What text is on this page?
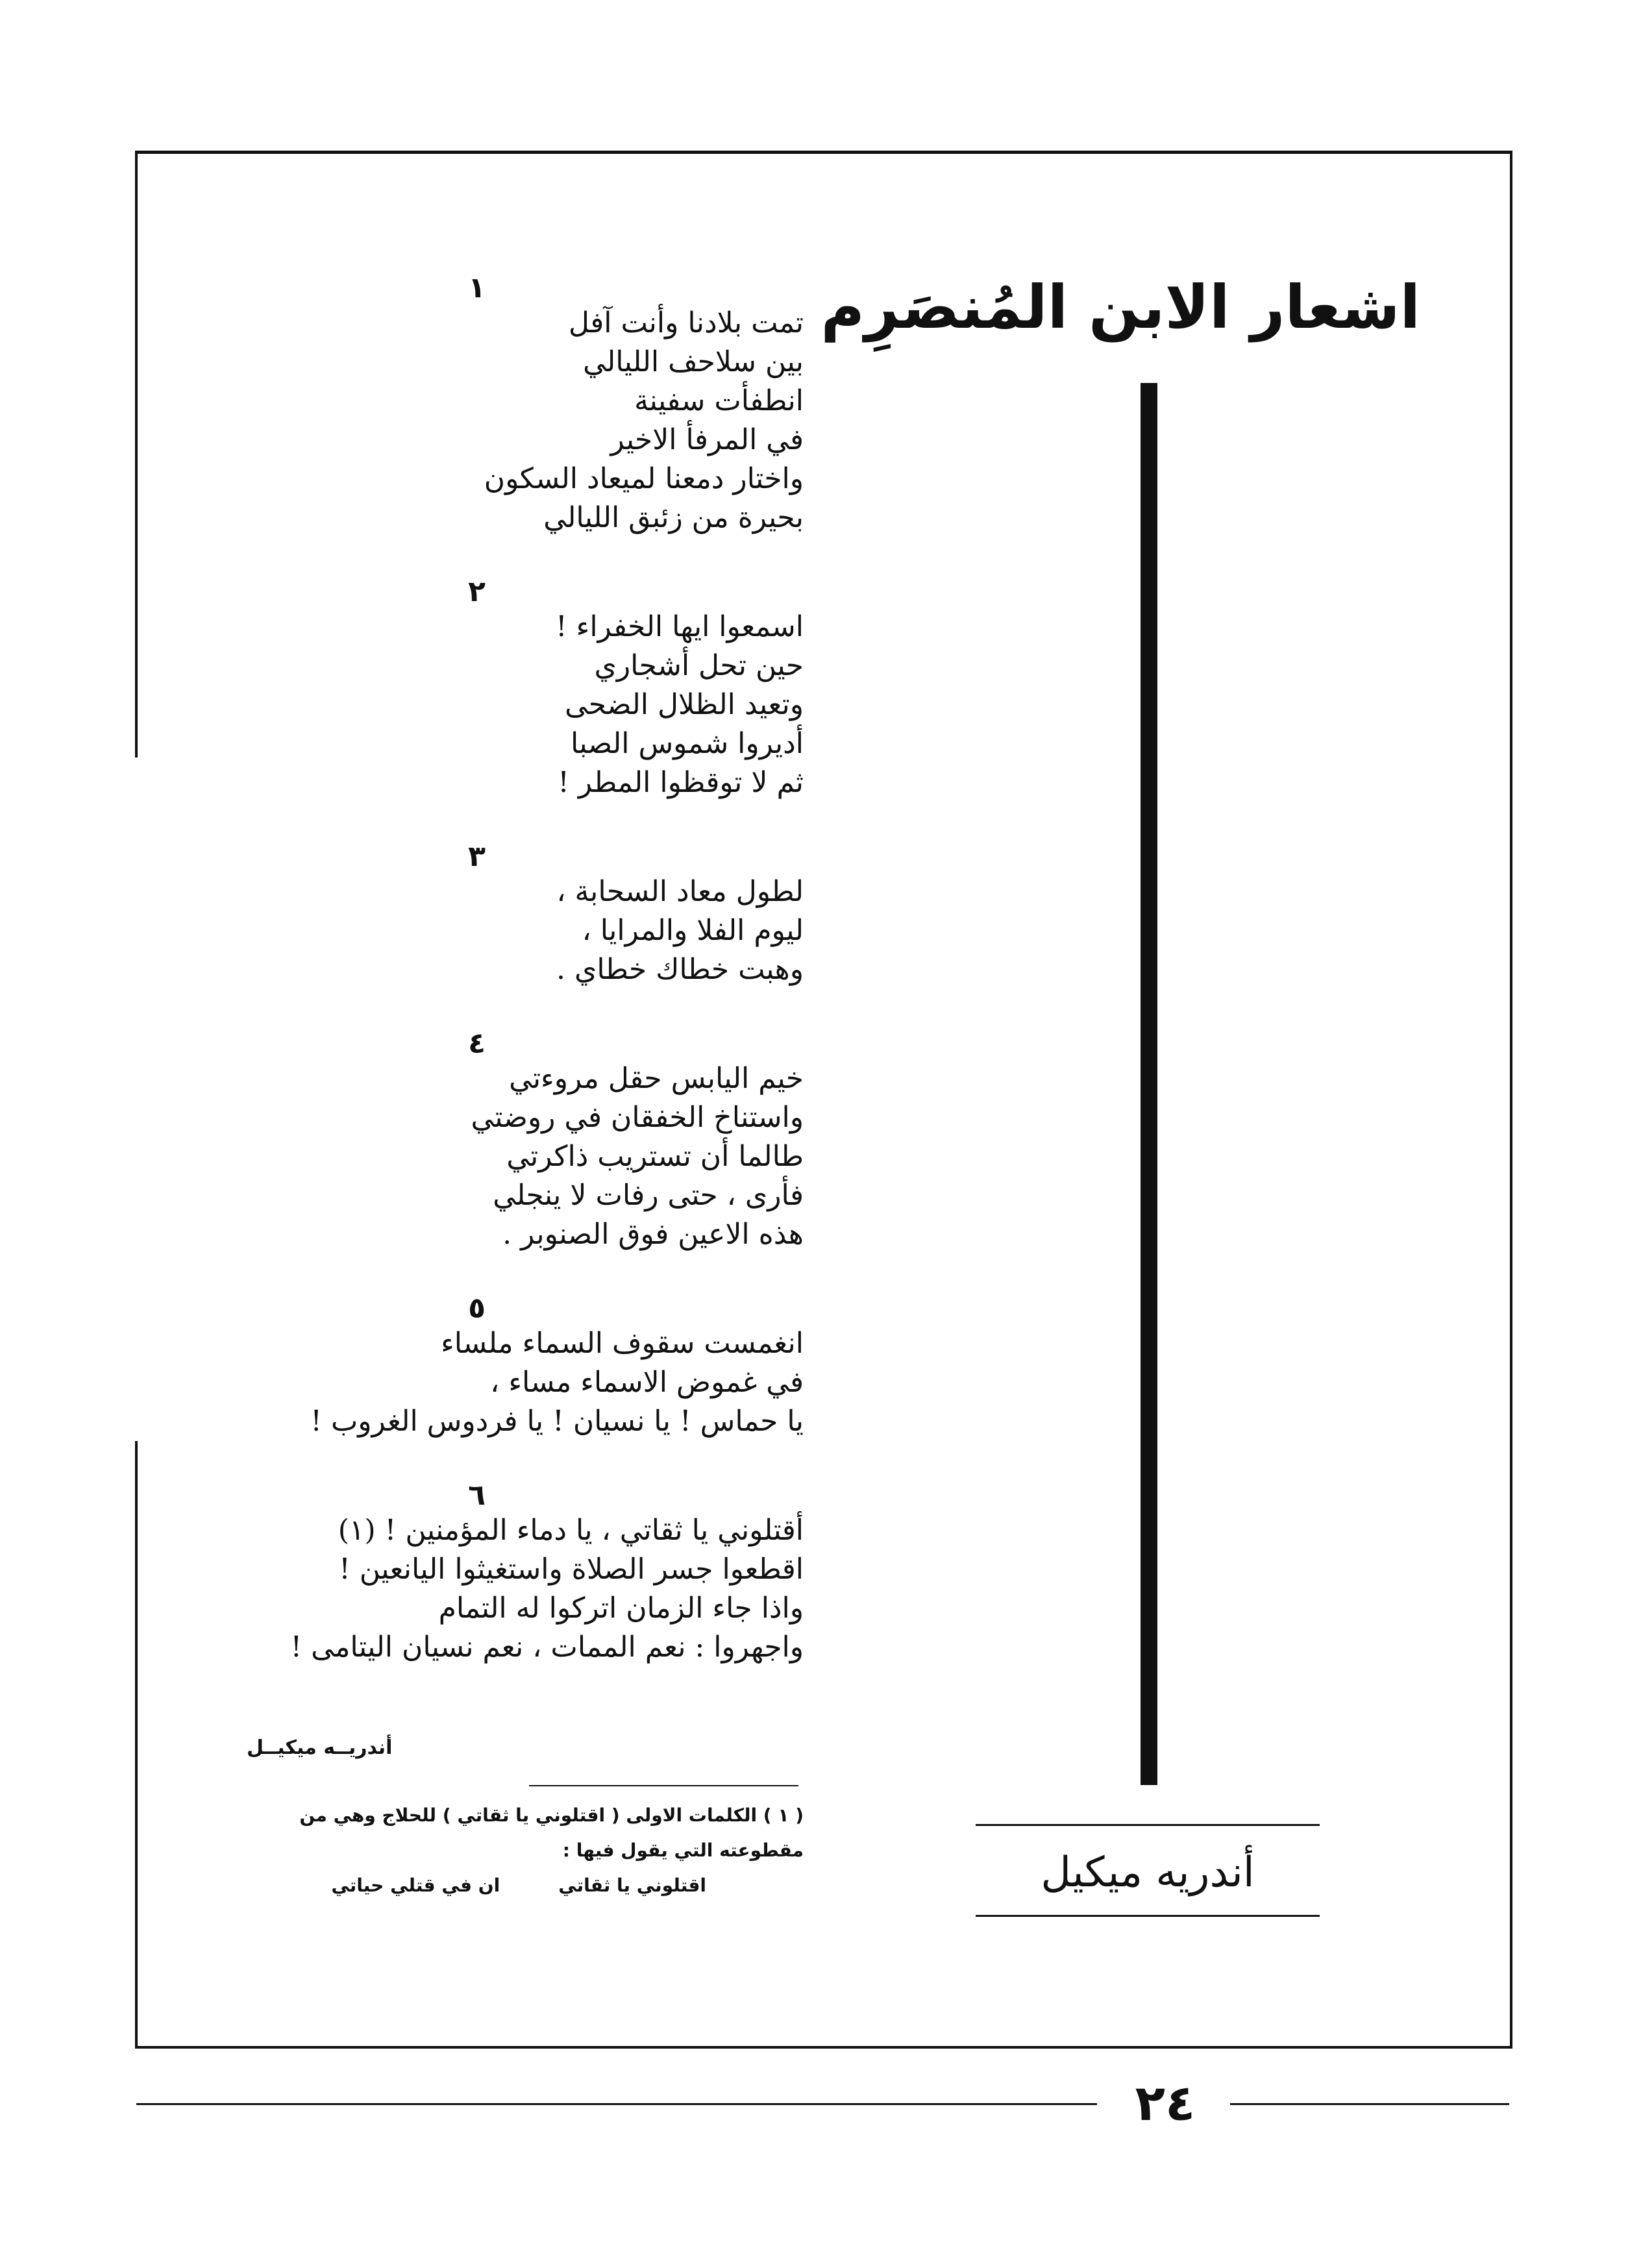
اشعار الابن المُنصَرِم
١
تمت بلادنا وأنت آفل
بين سلاحف الليالي
انطفأت سفينة
في المرفأ الاخير
واختار دمعنا لميعاد السكون
بحيرة من زئبق الليالي
٢
اسمعوا ايها الخفراء !
حين تحل أشجاري
وتعيد الظلال الضحى
أديروا شموس الصبا
ثم لا توقظوا المطر !
٣
لطول معاد السحابة ،
ليوم الفلا والمرايا ،
وهبت خطاك خطاي .
٤
خيم اليابس حقل مروءتي
واستناخ الخفقان في روضتي
طالما أن تستريب ذاكرتي
فأرى ، حتى رفات لا ينجلي
هذه الاعين فوق الصنوبر .
٥
انغمست سقوف السماء ملساء
في غموض الاسماء مساء ،
يا حماس ! يا نسيان ! يا فردوس الغروب !
٦
أقتلوني يا ثقاتي ، يا دماء المؤمنين ! (١)
اقطعوا جسر الصلاة واستغيثوا اليانعين !
واذا جاء الزمان اتركوا له التمام
واجهروا : نعم الممات ، نعم نسيان اليتامى !
أندريــه ميكيــل
( ١ ) الكلمات الاولى ( اقتلوني يا ثقاتي ) للحلاج وهي من
مقطوعته التي يقول فيها :
اقتلوني يا ثقاتي
ان في قتلي حياتي	أندريه ميكيل
٢٤
